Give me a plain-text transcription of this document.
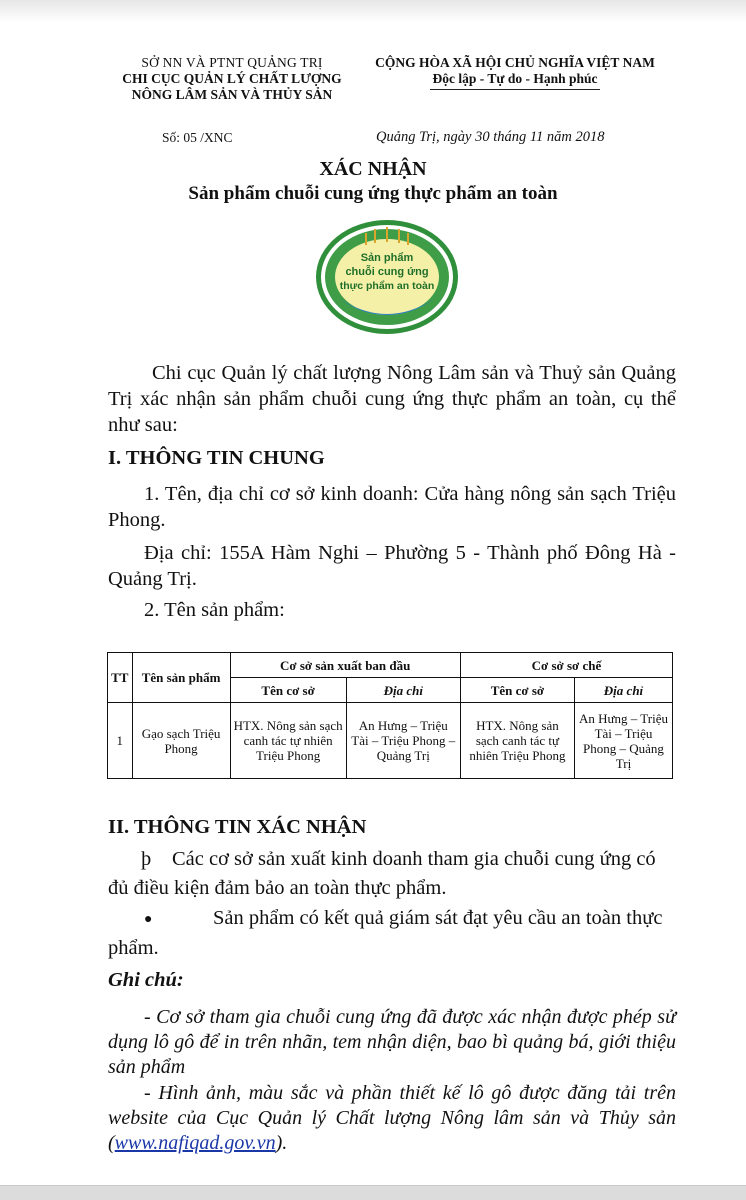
SỞ NN VÀ PTNT QUẢNG TRỊ
CHI CỤC QUẢN LÝ CHẤT LƯỢNG
NÔNG LÂM SẢN VÀ THỦY SẢN
CỘNG HÒA XÃ HỘI CHỦ NGHĨA VIỆT NAM
Độc lập - Tự do - Hạnh phúc
Số: 05 /XNC	Quảng Trị, ngày 30 tháng 11 năm 2018
XÁC NHẬN
Sản phẩm chuỗi cung ứng thực phẩm an toàn
Sản phẩm
chuỗi cung ứng
thực phẩm an toàn
Chi cục Quản lý chất lượng Nông Lâm sản và Thuỷ sản Quảng Trị xác nhận sản phẩm chuỗi cung ứng thực phẩm an toàn, cụ thể như sau:
I. THÔNG TIN CHUNG
1. Tên, địa chỉ cơ sở kinh doanh: Cửa hàng nông sản sạch Triệu Phong.
Địa chỉ: 155A Hàm Nghi – Phường 5 - Thành phố Đông Hà - Quảng Trị.
2. Tên sản phẩm:
TT	Tên sản phẩm	Cơ sở sản xuất ban đầu		Cơ sở sơ chế	
		Tên cơ sở	Địa chỉ	Tên cơ sở	Địa chỉ
1	Gạo sạch Triệu Phong	HTX. Nông sản sạch canh tác tự nhiên Triệu Phong	An Hưng – Triệu Tài – Triệu Phong – Quảng Trị	HTX. Nông sản sạch canh tác tự nhiên Triệu Phong	An Hưng – Triệu Tài – Triệu Phong – Quảng Trị
II. THÔNG TIN XÁC NHẬN
þ Các cơ sở sản xuất kinh doanh tham gia chuỗi cung ứng có đủ điều kiện đảm bảo an toàn thực phẩm.
●	Sản phẩm có kết quả giám sát đạt yêu cầu an toàn thực phẩm.
Ghi chú:
- Cơ sở tham gia chuỗi cung ứng đã được xác nhận được phép sử dụng lô gô để in trên nhãn, tem nhận diện, bao bì quảng bá, giới thiệu sản phẩm
- Hình ảnh, màu sắc và phần thiết kế lô gô được đăng tải trên website của Cục Quản lý Chất lượng Nông lâm sản và Thủy sản (www.nafiqad.gov.vn).
